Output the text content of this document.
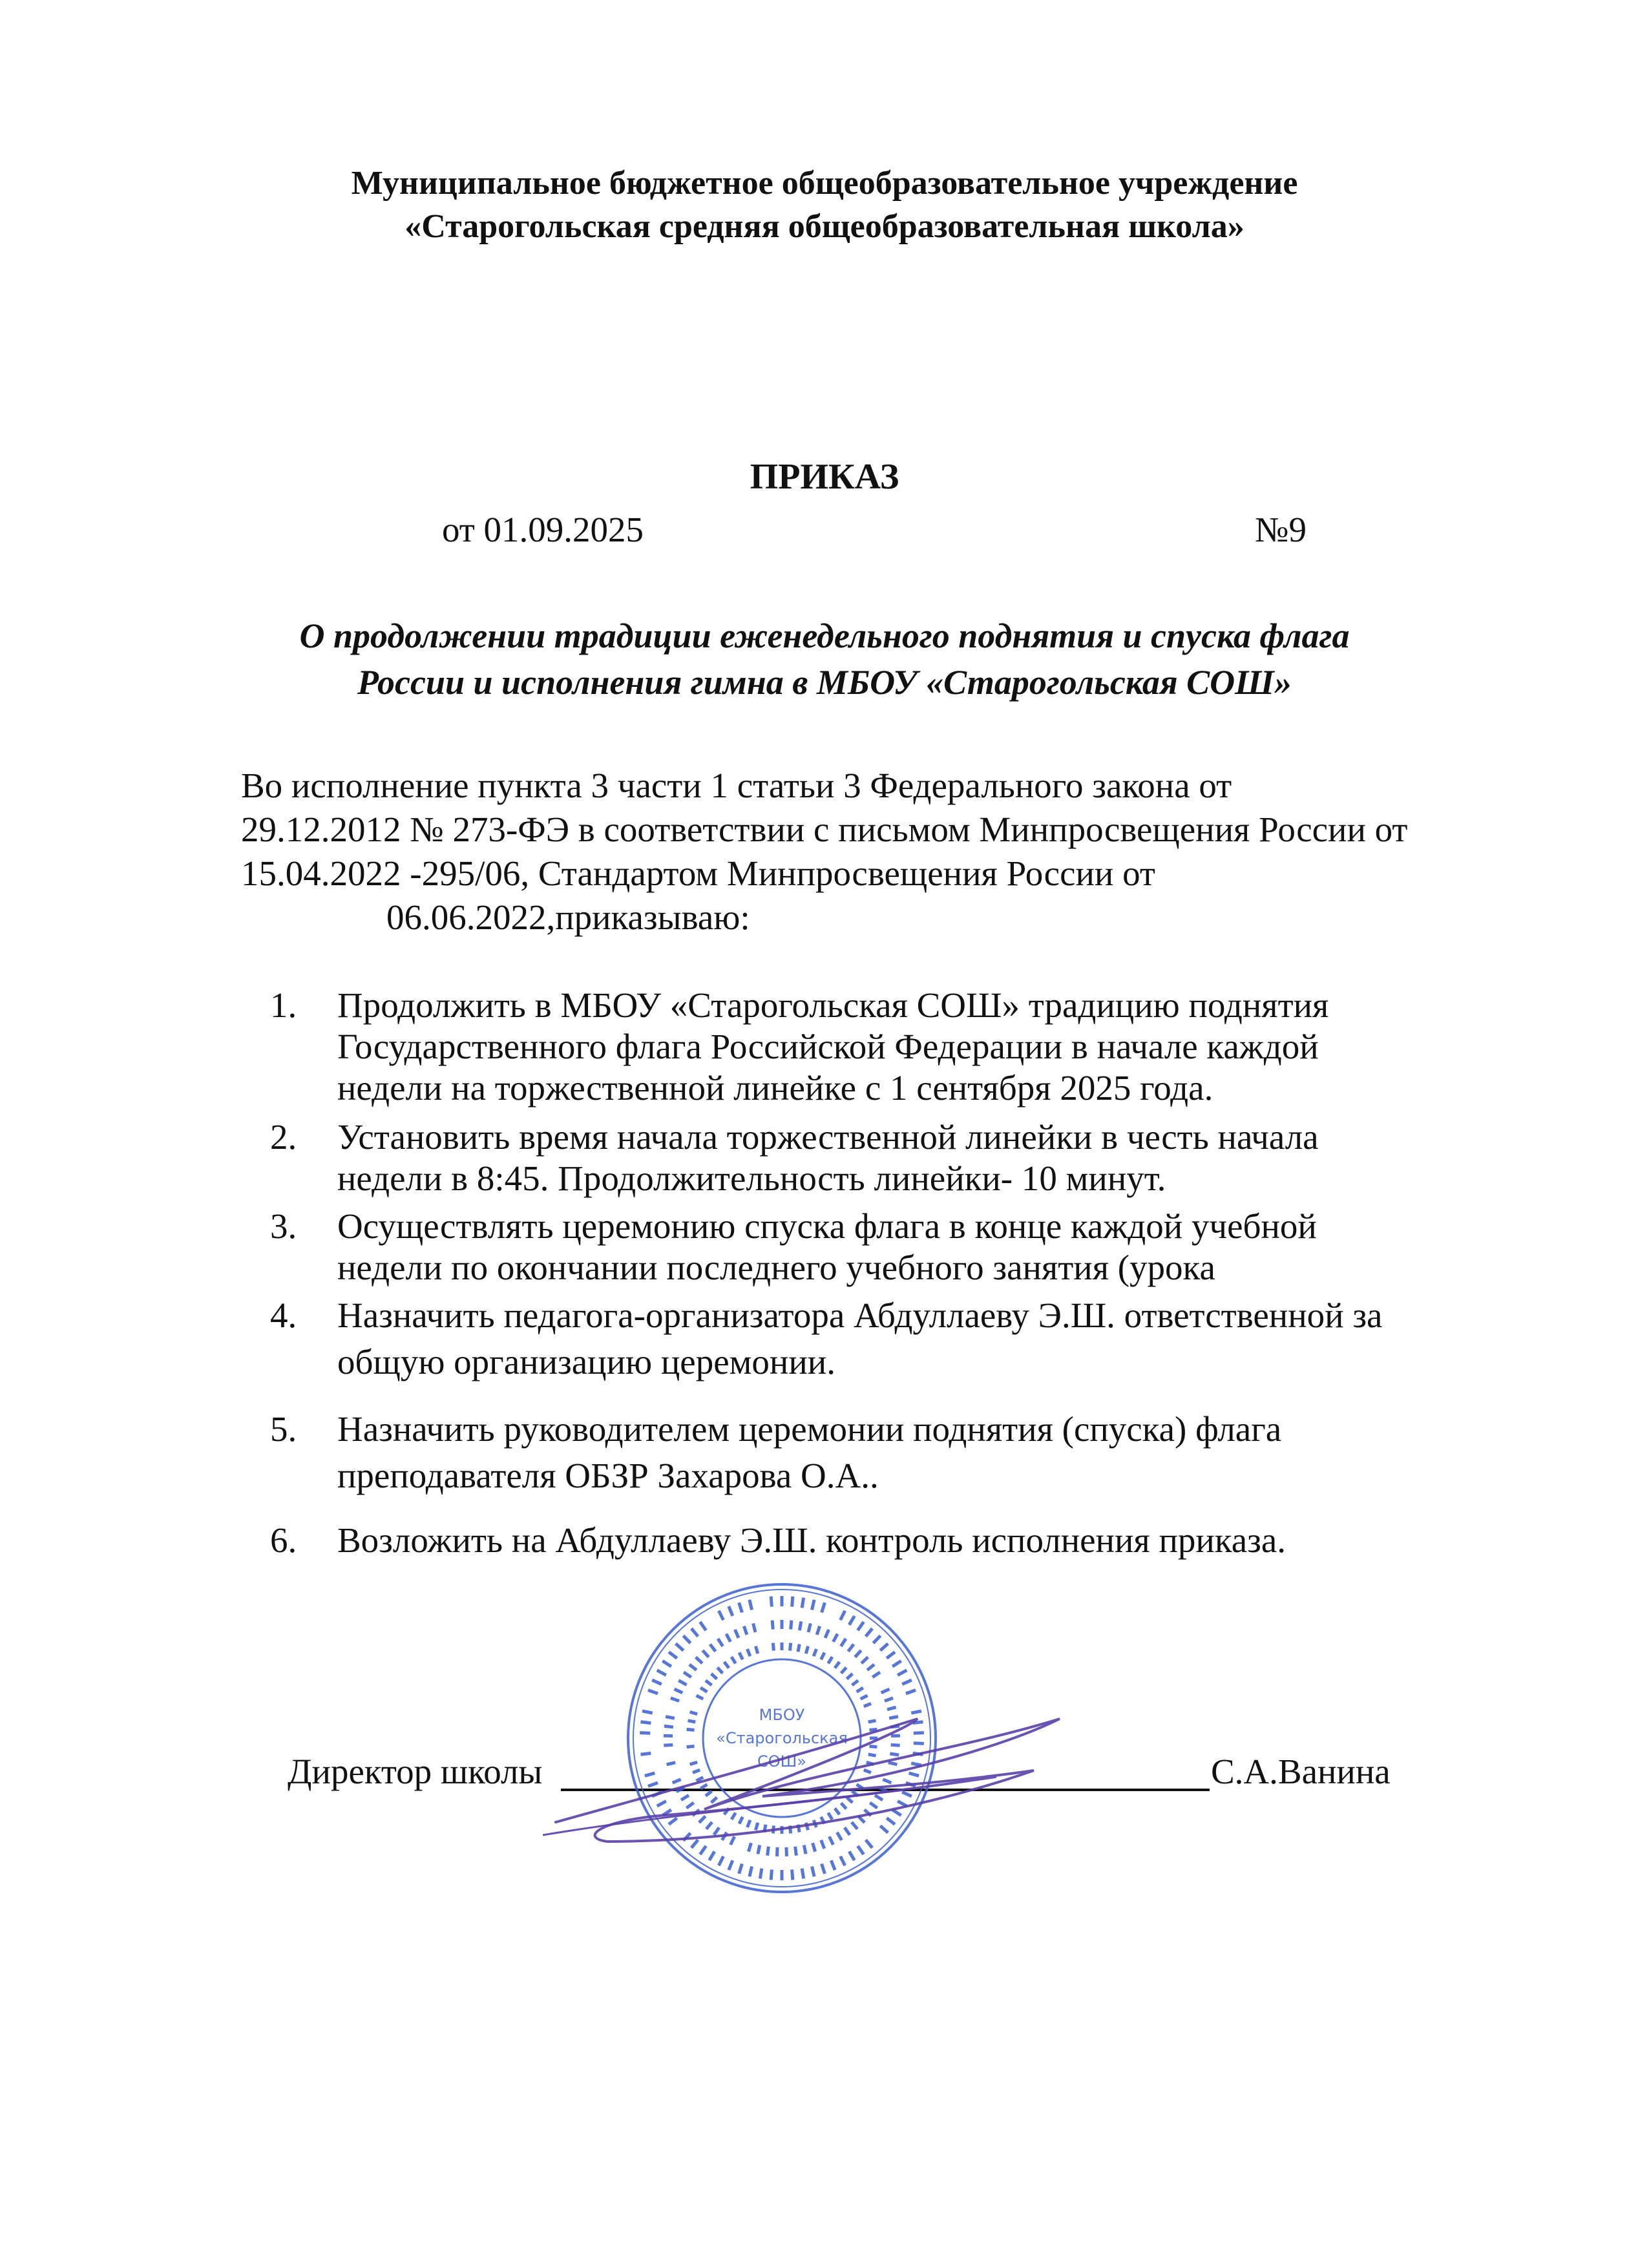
Муниципальное бюджетное общеобразовательное учреждение
«Старогольская средняя общеобразовательная школа»
ПРИКАЗ
от 01.09.2025	№9
О продолжении традиции еженедельного поднятия и спуска флага
России и исполнения гимна в МБОУ «Старогольская СОШ»
Во исполнение пункта 3 части 1 статьи 3 Федерального закона от
29.12.2012 № 273-ФЭ в соответствии с письмом Минпросвещения России от
15.04.2022 -295/06, Стандартом Минпросвещения России от
06.06.2022,приказываю:
1. Продолжить в МБОУ «Старогольская СОШ» традицию поднятия
Государственного флага Российской Федерации в начале каждой
недели на торжественной линейке с 1 сентября 2025 года.
2. Установить время начала торжественной линейки в честь начала
недели в 8:45. Продолжительность линейки- 10 минут.
3. Осуществлять церемонию спуска флага в конце каждой учебной
недели по окончании последнего учебного занятия (урока
4. Назначить педагога-организатора Абдуллаеву Э.Ш. ответственной за
общую организацию церемонии.
5. Назначить руководителем церемонии поднятия (спуска) флага
преподавателя ОБЗР Захарова О.А..
6. Возложить на Абдуллаеву Э.Ш. контроль исполнения приказа.
Директор школы	С.А.Ванина
МБОУ
«Старогольская
СОШ»
